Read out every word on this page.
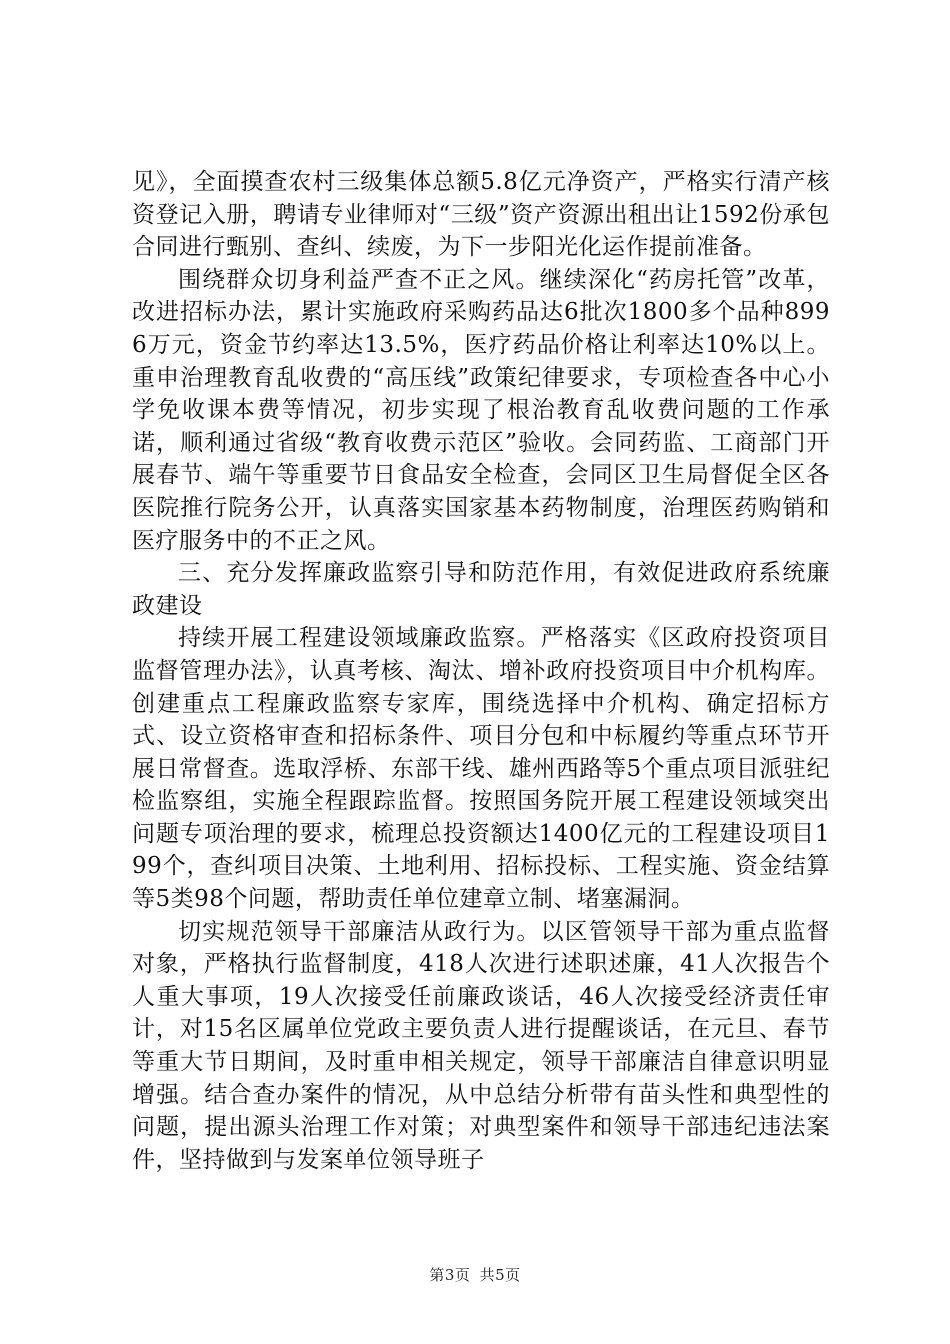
见》，全面摸查农村三级集体总额5.8亿元净资产，严格实行清产核资登记入册，聘请专业律师对“三级”资产资源出租出让1592份承包合同进行甄别、查纠、续废，为下一步阳光化运作提前准备。

围绕群众切身利益严查不正之风。继续深化“药房托管”改革，改进招标办法，累计实施政府采购药品达6批次1800多个品种8996万元，资金节约率达13.5%，医疗药品价格让利率达10%以上。重申治理教育乱收费的“高压线”政策纪律要求，专项检查各中心小学免收课本费等情况，初步实现了根治教育乱收费问题的工作承诺，顺利通过省级“教育收费示范区”验收。会同药监、工商部门开展春节、端午等重要节日食品安全检查，会同区卫生局督促全区各医院推行院务公开，认真落实国家基本药物制度，治理医药购销和医疗服务中的不正之风。

三、充分发挥廉政监察引导和防范作用，有效促进政府系统廉政建设

持续开展工程建设领域廉政监察。严格落实《区政府投资项目监督管理办法》，认真考核、淘汰、增补政府投资项目中介机构库。创建重点工程廉政监察专家库，围绕选择中介机构、确定招标方式、设立资格审查和招标条件、项目分包和中标履约等重点环节开展日常督查。选取浮桥、东部干线、雄州西路等5个重点项目派驻纪检监察组，实施全程跟踪监督。按照国务院开展工程建设领域突出问题专项治理的要求，梳理总投资额达1400亿元的工程建设项目199个，查纠项目决策、土地利用、招标投标、工程实施、资金结算等5类98个问题，帮助责任单位建章立制、堵塞漏洞。

切实规范领导干部廉洁从政行为。以区管领导干部为重点监督对象，严格执行监督制度，418人次进行述职述廉，41人次报告个人重大事项，19人次接受任前廉政谈话，46人次接受经济责任审计，对15名区属单位党政主要负责人进行提醒谈话，在元旦、春节等重大节日期间，及时重申相关规定，领导干部廉洁自律意识明显增强。结合查办案件的情况，从中总结分析带有苗头性和典型性的问题，提出源头治理工作对策；对典型案件和领导干部违纪违法案件，坚持做到与发案单位领导班子

第3页 共5页
